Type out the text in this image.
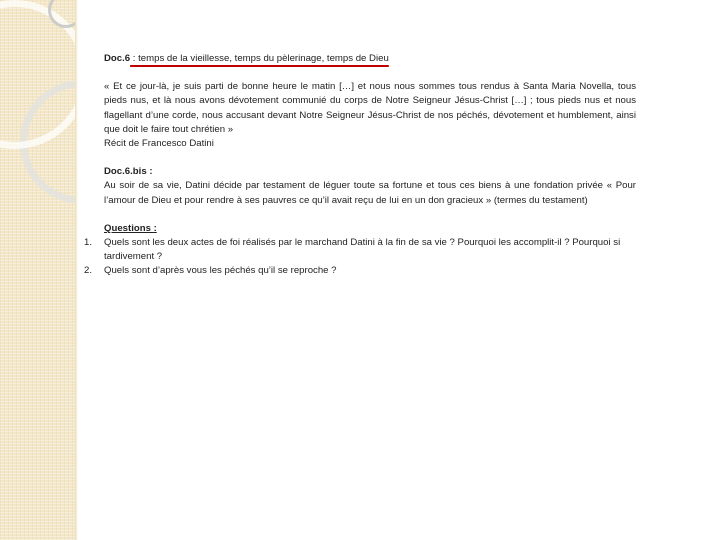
Doc.6 : temps de la vieillesse, temps du pèlerinage, temps de Dieu

« Et ce jour-là, je suis parti de bonne heure le matin […] et nous nous sommes tous rendus à Santa Maria Novella, tous pieds nus, et là nous avons dévotement communié du corps de Notre Seigneur Jésus-Christ […] ; tous pieds nus et nous flagellant d’une corde, nous accusant devant Notre Seigneur Jésus-Christ de nos péchés, dévotement et humblement, ainsi que doit le faire tout chrétien »

Récit de Francesco Datini

Doc.6.bis :

Au soir de sa vie, Datini décide par testament de léguer toute sa fortune et tous ces biens à une fondation privée « Pour l’amour de Dieu et pour rendre à ses pauvres ce qu’il avait reçu de lui en un don gracieux » (termes du testament)

Questions :

1. Quels sont les deux actes de foi réalisés par le marchand Datini à la fin de sa vie ? Pourquoi les accomplit-il ? Pourquoi si tardivement ?
2. Quels sont d’après vous les péchés qu’il se reproche ?
